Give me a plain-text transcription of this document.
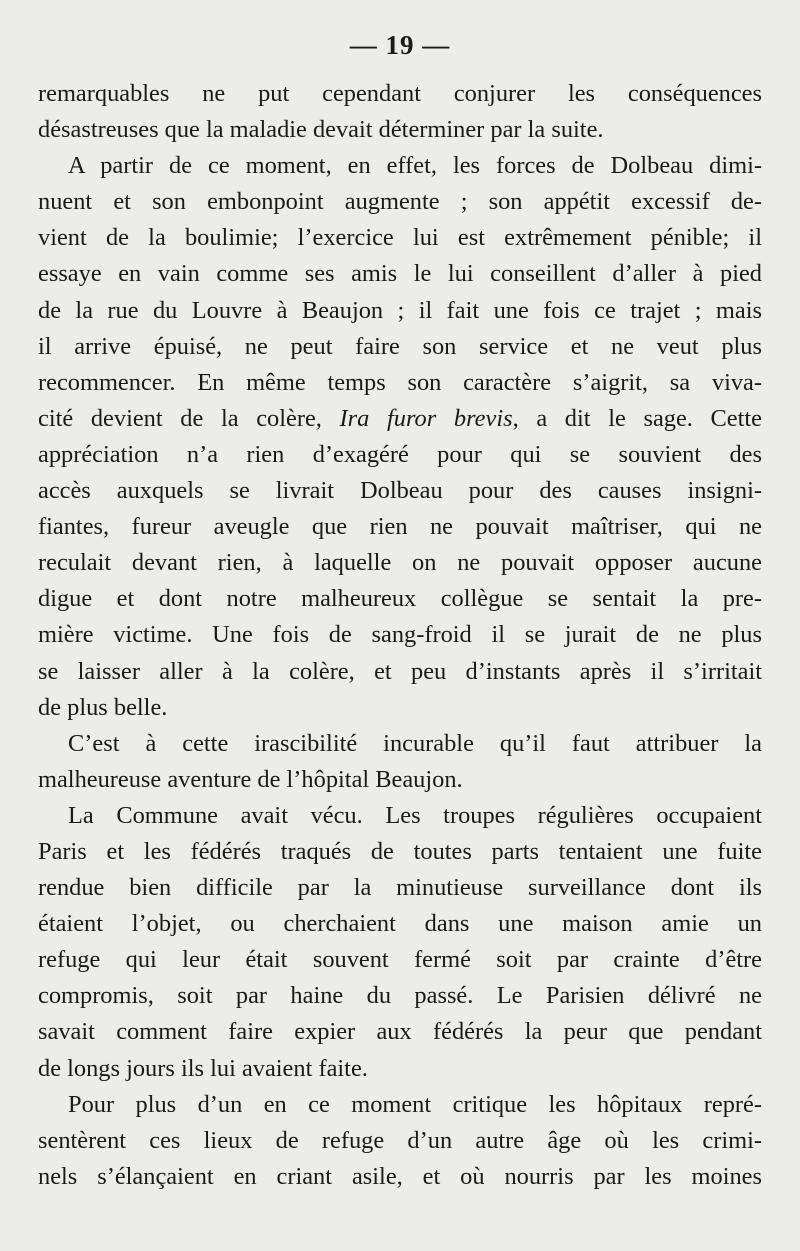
— 19 —
remarquables ne put cependant conjurer les conséquences
désastreuses que la maladie devait déterminer par la suite.
A partir de ce moment, en effet, les forces de Dolbeau dimi-
nuent et son embonpoint augmente ; son appétit excessif de-
vient de la boulimie; l’exercice lui est extrêmement pénible; il
essaye en vain comme ses amis le lui conseillent d’aller à pied
de la rue du Louvre à Beaujon ; il fait une fois ce trajet ; mais
il arrive épuisé, ne peut faire son service et ne veut plus
recommencer. En même temps son caractère s’aigrit, sa viva-
cité devient de la colère, Ira furor brevis, a dit le sage. Cette
appréciation n’a rien d’exagéré pour qui se souvient des
accès auxquels se livrait Dolbeau pour des causes insigni-
fiantes, fureur aveugle que rien ne pouvait maîtriser, qui ne
reculait devant rien, à laquelle on ne pouvait opposer aucune
digue et dont notre malheureux collègue se sentait la pre-
mière victime. Une fois de sang-froid il se jurait de ne plus
se laisser aller à la colère, et peu d’instants après il s’irritait
de plus belle.
C’est à cette irascibilité incurable qu’il faut attribuer la
malheureuse aventure de l’hôpital Beaujon.
La Commune avait vécu. Les troupes régulières occupaient
Paris et les fédérés traqués de toutes parts tentaient une fuite
rendue bien difficile par la minutieuse surveillance dont ils
étaient l’objet, ou cherchaient dans une maison amie un
refuge qui leur était souvent fermé soit par crainte d’être
compromis, soit par haine du passé. Le Parisien délivré ne
savait comment faire expier aux fédérés la peur que pendant
de longs jours ils lui avaient faite.
Pour plus d’un en ce moment critique les hôpitaux repré-
sentèrent ces lieux de refuge d’un autre âge où les crimi-
nels s’élançaient en criant asile, et où nourris par les moines
